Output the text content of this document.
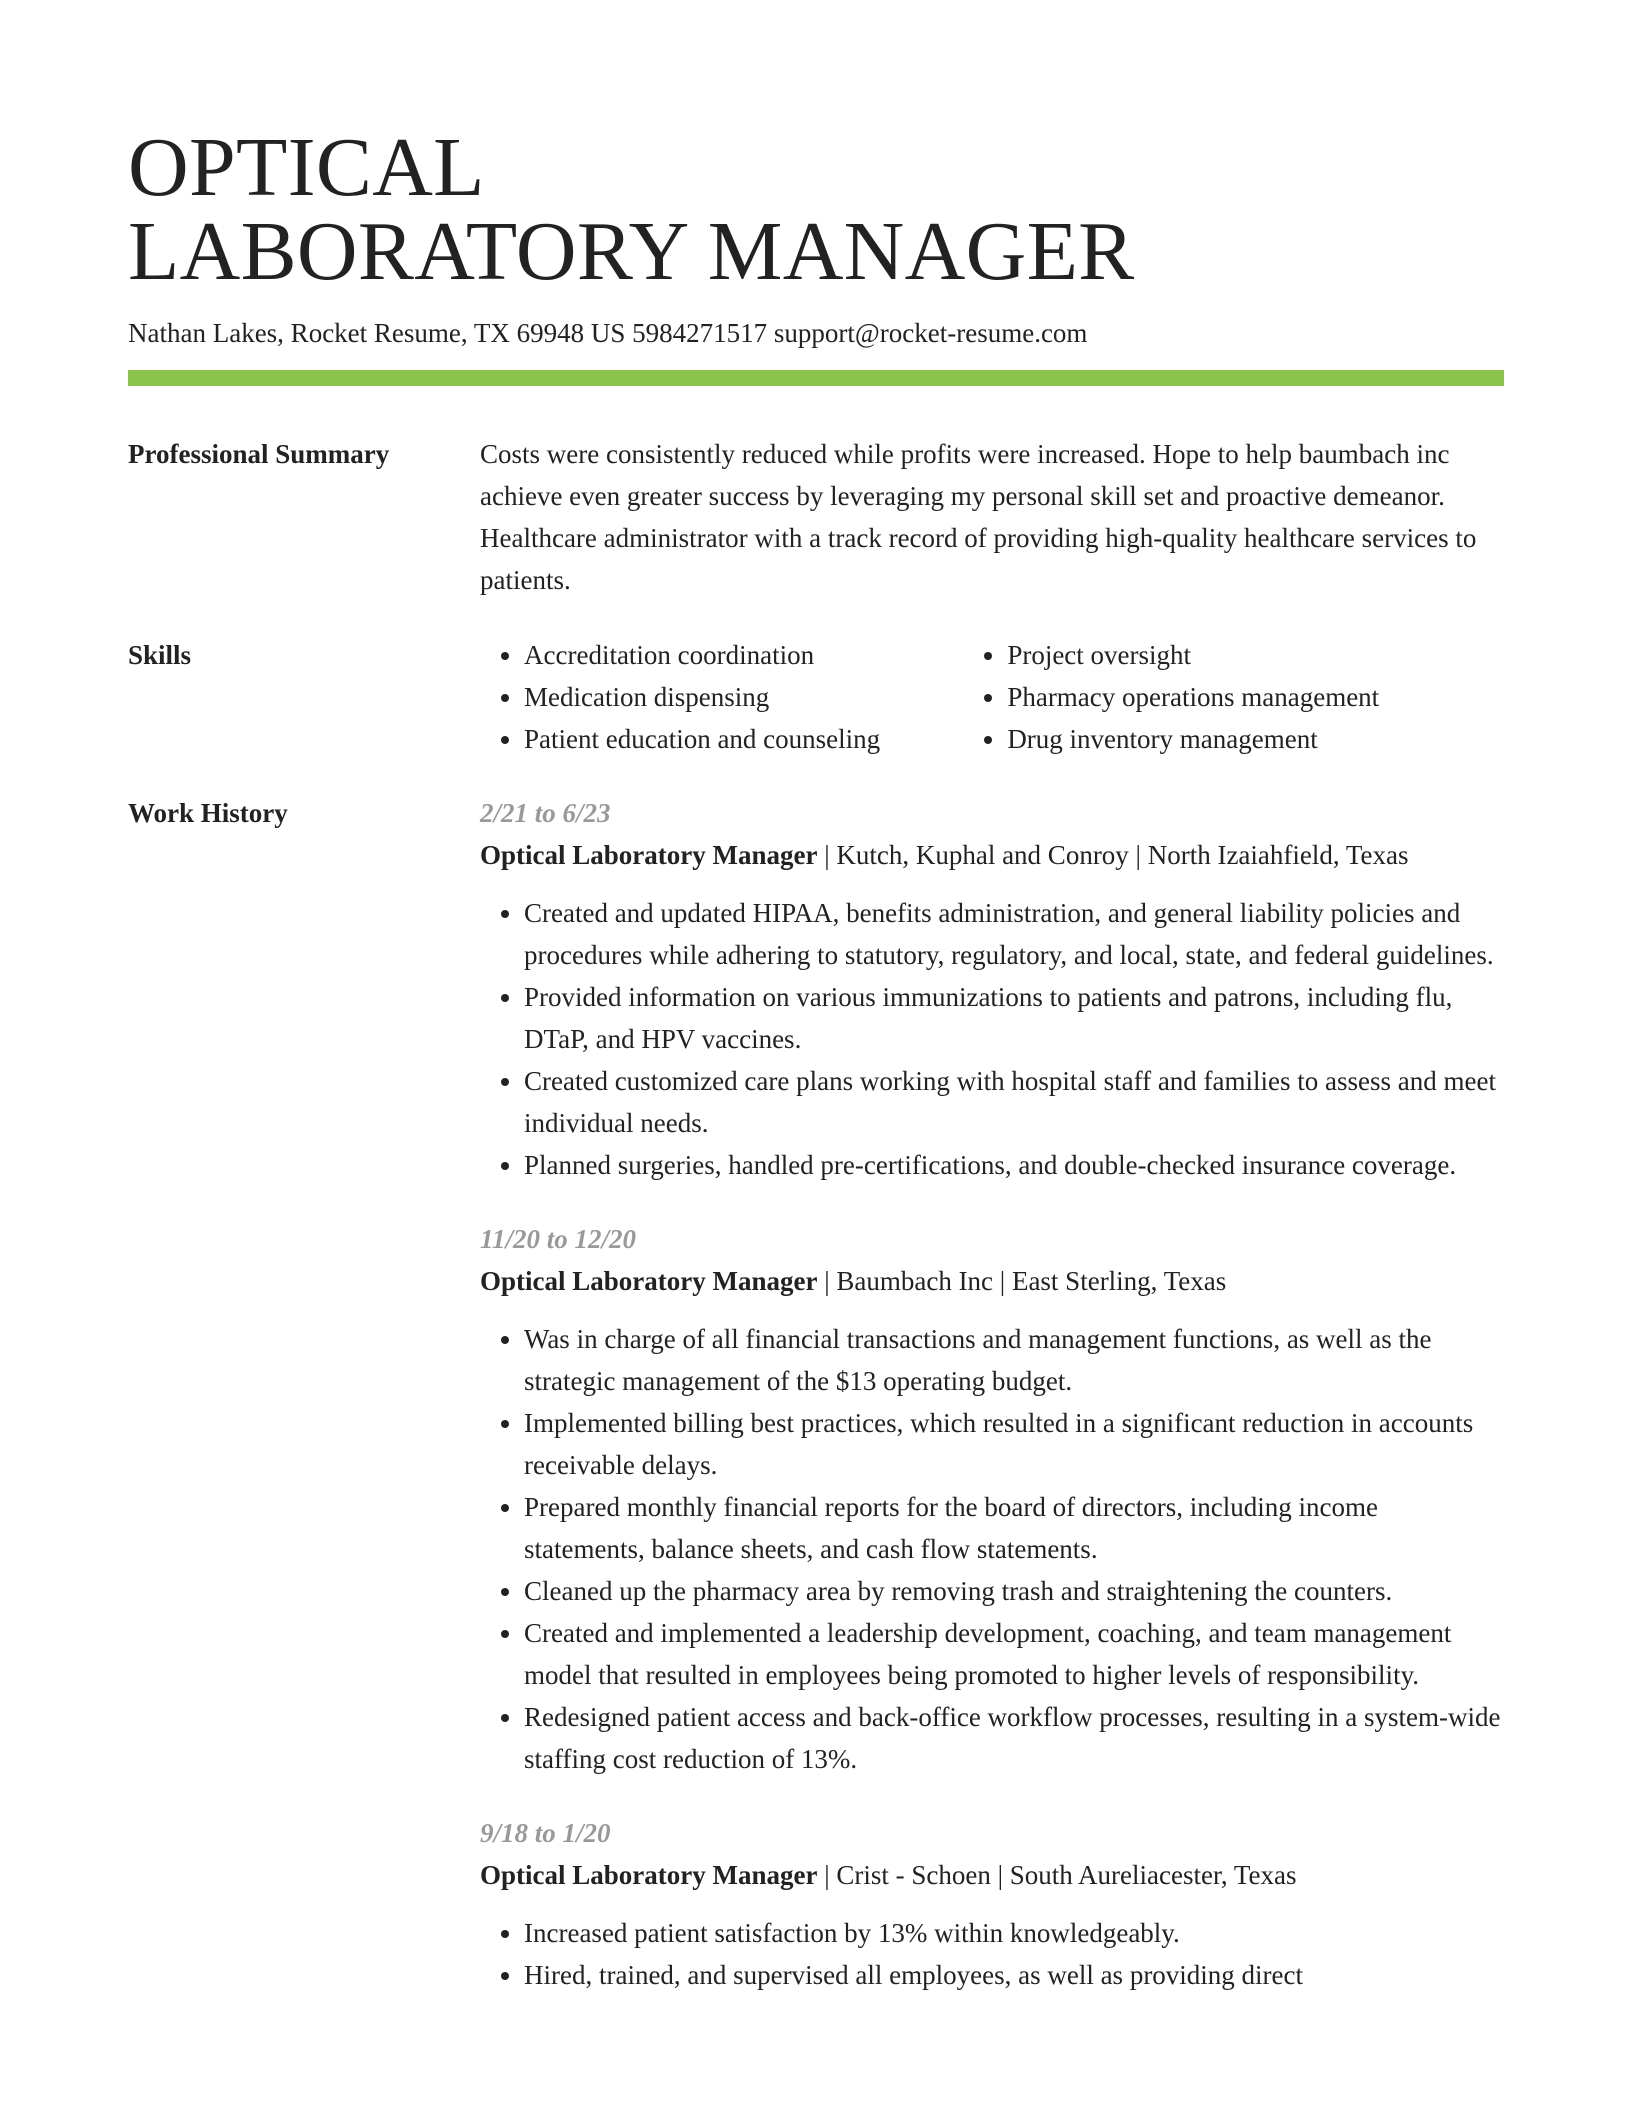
OPTICAL
LABORATORY MANAGER
Nathan Lakes, Rocket Resume, TX 69948 US 5984271517 support@rocket-resume.com
Professional Summary	Costs were consistently reduced while profits were increased. Hope to help baumbach inc achieve even greater success by leveraging my personal skill set and proactive demeanor. Healthcare administrator with a track record of providing high-quality healthcare services to patients.

Skills
•	Accreditation coordination
• Medication dispensing
• Patient education and counseling
• Project oversight
• Pharmacy operations management
• Drug inventory management
Work History	2/21 to 6/23
Optical Laboratory Manager | Kutch, Kuphal and Conroy | North Izaiahfield, Texas
• Created and updated HIPAA, benefits administration, and general liability policies and procedures while adhering to statutory, regulatory, and local, state, and federal guidelines.
• Provided information on various immunizations to patients and patrons, including flu, DTaP, and HPV vaccines.
• Created customized care plans working with hospital staff and families to assess and meet individual needs.
• Planned surgeries, handled pre-certifications, and double-checked insurance coverage.
11/20 to 12/20
Optical Laboratory Manager | Baumbach Inc | East Sterling, Texas
• Was in charge of all financial transactions and management functions, as well as the strategic management of the $13 operating budget.
• Implemented billing best practices, which resulted in a significant reduction in accounts receivable delays.
• Prepared monthly financial reports for the board of directors, including income statements, balance sheets, and cash flow statements.
• Cleaned up the pharmacy area by removing trash and straightening the counters.
• Created and implemented a leadership development, coaching, and team management model that resulted in employees being promoted to higher levels of responsibility.
• Redesigned patient access and back-office workflow processes, resulting in a system-wide staffing cost reduction of 13%.
9/18 to 1/20
Optical Laboratory Manager | Crist - Schoen | South Aureliacester, Texas
• Increased patient satisfaction by 13% within knowledgeably.
• Hired, trained, and supervised all employees, as well as providing direct
